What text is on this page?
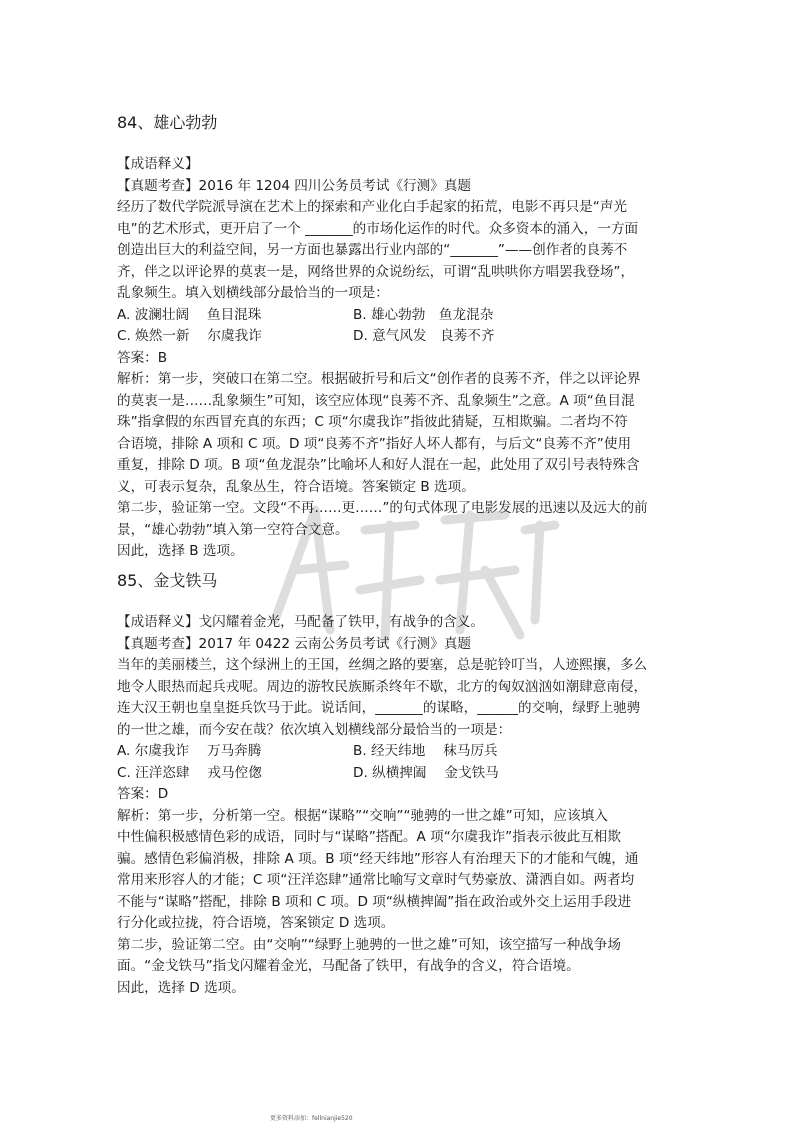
84、雄心勃勃
【成语释义】
【真题考查】2016 年 1204 四川公务员考试《行测》真题
经历了数代学院派导演在艺术上的探索和产业化白手起家的拓荒，电影不再只是“声光
电”的艺术形式，更开启了一个 _______的市场化运作的时代。众多资本的涌入，一方面
创造出巨大的利益空间，另一方面也暴露出行业内部的“_______”——创作者的良莠不
齐，伴之以评论界的莫衷一是，网络世界的众说纷纭，可谓“乱哄哄你方唱罢我登场”，
乱象频生。填入划横线部分最恰当的一项是：
A. 波澜壮阔　 鱼目混珠	B. 雄心勃勃　鱼龙混杂
C. 焕然一新　 尔虞我诈	D. 意气风发　良莠不齐
答案：B
解析：第一步，突破口在第二空。根据破折号和后文“创作者的良莠不齐，伴之以评论界
的莫衷一是……乱象频生”可知，该空应体现“良莠不齐、乱象频生”之意。A 项“鱼目混
珠”指拿假的东西冒充真的东西；C 项“尔虞我诈”指彼此猜疑，互相欺骗。二者均不符
合语境，排除 A 项和 C 项。D 项“良莠不齐”指好人坏人都有，与后文“良莠不齐”使用
重复，排除 D 项。B 项“鱼龙混杂”比喻坏人和好人混在一起，此处用了双引号表特殊含
义，可表示复杂，乱象丛生，符合语境。答案锁定 B 选项。
第二步，验证第一空。文段“不再……更……”的句式体现了电影发展的迅速以及远大的前
景，“雄心勃勃”填入第一空符合文意。
因此，选择 B 选项。
85、金戈铁马
【成语释义】戈闪耀着金光，马配备了铁甲，有战争的含义。
【真题考查】2017 年 0422 云南公务员考试《行测》真题
当年的美丽楼兰，这个绿洲上的王国，丝绸之路的要塞，总是驼铃叮当，人迹熙攘，多么
地令人眼热而起兵戎呢。周边的游牧民族厮杀终年不歇，北方的匈奴汹汹如潮肆意南侵，
连大汉王朝也皇皇挺兵饮马于此。说话间，_______的谋略，______的交响，绿野上驰骋
的一世之雄，而今安在哉？依次填入划横线部分最恰当的一项是：
A. 尔虞我诈　 万马奔腾	B. 经天纬地　 秣马厉兵
C. 汪洋恣肆　 戎马倥偬	D. 纵横捭阖　 金戈铁马
答案：D
解析：第一步，分析第一空。根据“谋略”“交响”“驰骋的一世之雄”可知，应该填入
中性偏积极感情色彩的成语，同时与“谋略”搭配。A 项“尔虞我诈”指表示彼此互相欺
骗。感情色彩偏消极，排除 A 项。B 项“经天纬地”形容人有治理天下的才能和气魄，通
常用来形容人的才能；C 项“汪洋恣肆”通常比喻写文章时气势豪放、潇洒自如。两者均
不能与“谋略”搭配，排除 B 项和 C 项。D 项“纵横捭阖”指在政治或外交上运用手段进
行分化或拉拢，符合语境，答案锁定 D 选项。
第二步，验证第二空。由“交响”“绿野上驰骋的一世之雄”可知，该空描写一种战争场
面。“金戈铁马”指戈闪耀着金光，马配备了铁甲，有战争的含义，符合语境。
因此，选择 D 选项。
更多资料添加：fellnianjie520
